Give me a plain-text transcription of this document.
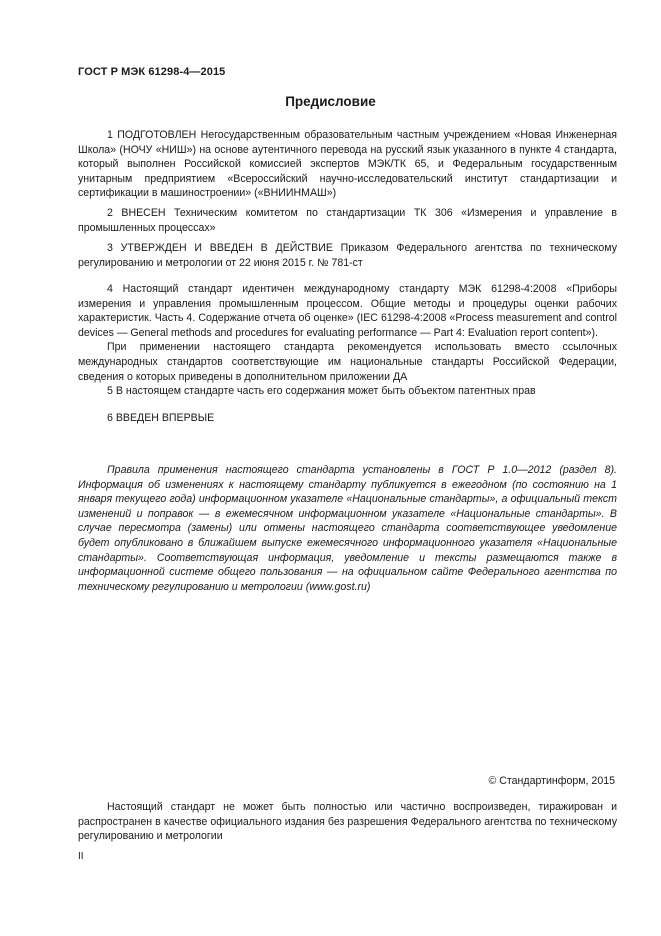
ГОСТ Р МЭК 61298-4—2015
Предисловие

1 ПОДГОТОВЛЕН Негосударственным образовательным частным учреждением «Новая Инженерная Школа» (НОЧУ «НИШ») на основе аутентичного перевода на русский язык указанного в пункте 4 стандарта, который выполнен Российской комиссией экспертов МЭК/ТК 65, и Федеральным государственным унитарным предприятием «Всероссийский научно-исследовательский институт стандартизации и сертификации в машиностроении» («ВНИИНМАШ»)

2 ВНЕСЕН Техническим комитетом по стандартизации ТК 306 «Измерения и управление в промышленных процессах»

3 УТВЕРЖДЕН И ВВЕДЕН В ДЕЙСТВИЕ Приказом Федерального агентства по техническому регулированию и метрологии от 22 июня 2015 г. № 781-ст

4 Настоящий стандарт идентичен международному стандарту МЭК 61298-4:2008 «Приборы измерения и управления промышленным процессом. Общие методы и процедуры оценки рабочих характеристик. Часть 4. Содержание отчета об оценке» (IEC 61298-4:2008 «Process measurement and control devices — General methods and procedures for evaluating performance — Part 4: Evaluation report content»).

При применении настоящего стандарта рекомендуется использовать вместо ссылочных международных стандартов соответствующие им национальные стандарты Российской Федерации, сведения о которых приведены в дополнительном приложении ДА

5 В настоящем стандарте часть его содержания может быть объектом патентных прав

6 ВВЕДЕН ВПЕРВЫЕ

Правила применения настоящего стандарта установлены в ГОСТ Р 1.0—2012 (раздел 8). Информация об изменениях к настоящему стандарту публикуется в ежегодном (по состоянию на 1 января текущего года) информационном указателе «Национальные стандарты», а официальный текст изменений и поправок — в ежемесячном информационном указателе «Национальные стандарты». В случае пересмотра (замены) или отмены настоящего стандарта соответствующее уведомление будет опубликовано в ближайшем выпуске ежемесячного информационного указателя «Национальные стандарты». Соответствующая информация, уведомление и тексты размещаются также в информационной системе общего пользования — на официальном сайте Федерального агентства по техническому регулированию и метрологии (www.gost.ru)

© Стандартинформ, 2015

Настоящий стандарт не может быть полностью или частично воспроизведен, тиражирован и распространен в качестве официального издания без разрешения Федерального агентства по техническому регулированию и метрологии

II
